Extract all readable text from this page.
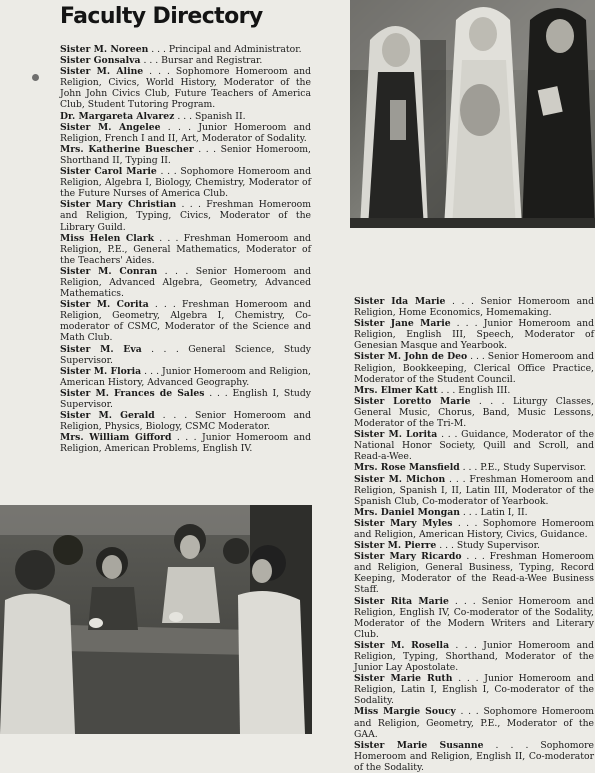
Faculty Directory

Sister M. Noreen . . . Principal and Administrator.

Sister Gonsalva . . . Bursar and Registrar.

Sister M. Aline . . . Sophomore Homeroom and Religion, Civics, World History, Moderator of the John John Civics Club, Future Teachers of America Club, Student Tutoring Program.

Dr. Margareta Alvarez . . . Spanish II.

Sister M. Angelee . . . Junior Homeroom and Religion, French I and II, Art, Moderator of Sodality.

Mrs. Katherine Buescher . . . Senior Homeroom, Shorthand II, Typing II.

Sister Carol Marie . . . Sophomore Homeroom and Religion, Algebra I, Biology, Chemistry, Moderator of the Future Nurses of America Club.

Sister Mary Christian . . . Freshman Homeroom and Religion, Typing, Civics, Moderator of the Library Guild.

Miss Helen Clark . . . Freshman Homeroom and Religion, P.E., General Mathematics, Moderator of the Teachers' Aides.

Sister M. Conran . . . Senior Homeroom and Religion, Advanced Algebra, Geometry, Advanced Mathematics.

Sister M. Corita . . . Freshman Homeroom and Religion, Geometry, Algebra I, Chemistry, Co-moderator of CSMC, Moderator of the Science and Math Club.

Sister M. Eva . . . General Science, Study Supervisor.

Sister M. Floria . . . Junior Homeroom and Religion, American History, Advanced Geography.

Sister M. Frances de Sales . . . English I, Study Supervisor.

Sister M. Gerald . . . Senior Homeroom and Religion, Physics, Biology, CSMC Moderator.

Mrs. William Gifford . . . Junior Homeroom and Religion, American Problems, English IV.

Sister Ida Marie . . . Senior Homeroom and Religion, Home Economics, Homemaking.

Sister Jane Marie . . . Junior Homeroom and Religion, English III, Speech, Moderator of Genesian Masque and Yearbook.

Sister M. John de Deo . . . Senior Homeroom and Religion, Bookkeeping, Clerical Office Practice, Moderator of the Student Council.

Mrs. Elmer Katt . . . English III.

Sister Loretto Marie . . . Liturgy Classes, General Music, Chorus, Band, Music Lessons, Moderator of the Tri-M.

Sister M. Lorita . . . Guidance, Moderator of the National Honor Society, Quill and Scroll, and Read-a-Wee.

Mrs. Rose Mansfield . . . P.E., Study Supervisor.

Sister M. Michon . . . Freshman Homeroom and Religion, Spanish I, II, Latin III, Moderator of the Spanish Club, Co-moderator of Yearbook.

Mrs. Daniel Mongan . . . Latin I, II.

Sister Mary Myles . . . Sophomore Homeroom and Religion, American History, Civics, Guidance.

Sister M. Pierre . . . Study Supervisor.

Sister Mary Ricardo . . . Freshman Homeroom and Religion, General Business, Typing, Record Keeping, Moderator of the Read-a-Wee Business Staff.

Sister Rita Marie . . . Senior Homeroom and Religion, English IV, Co-moderator of the Sodality, Moderator of the Modern Writers and Literary Club.

Sister M. Rosella . . . Junior Homeroom and Religion, Typing, Shorthand, Moderator of the Junior Lay Apostolate.

Sister Marie Ruth . . . Junior Homeroom and Religion, Latin I, English I, Co-moderator of the Sodality.

Miss Margie Soucy . . . Sophomore Homeroom and Religion, Geometry, P.E., Moderator of the GAA.

Sister Marie Susanne . . . Sophomore Homeroom and Religion, English II, Co-moderator of the Sodality.
